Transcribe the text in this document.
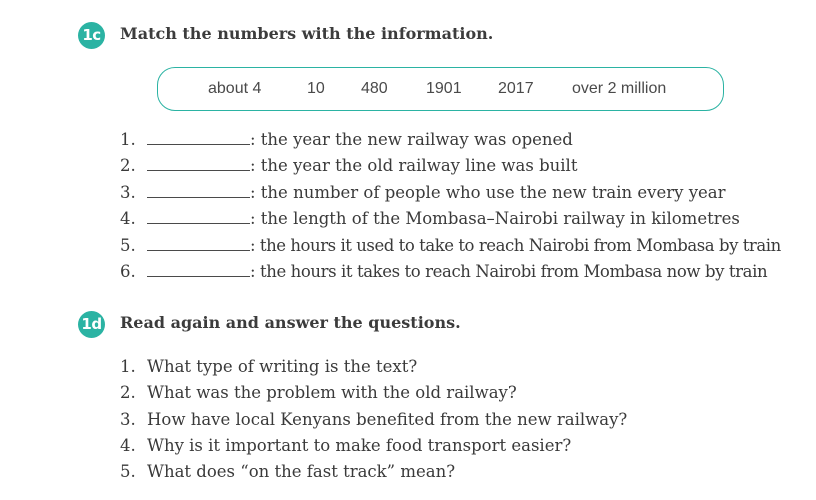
1c Match the numbers with the information.
about 4	10 480 1901 2017 over 2 million
1.	: the year the new railway was opened
2.	: the year the old railway line was built
3.	: the number of people who use the new train every year
4.	: the length of the Mombasa–Nairobi railway in kilometres
5.	: the hours it used to take to reach Nairobi from Mombasa by train
6.	: the hours it takes to reach Nairobi from Mombasa now by train
1d Read again and answer the questions.
1. What type of writing is the text?
2. What was the problem with the old railway?
3. How have local Kenyans benefited from the new railway?
4. Why is it important to make food transport easier?
5. What does “on the fast track” mean?
